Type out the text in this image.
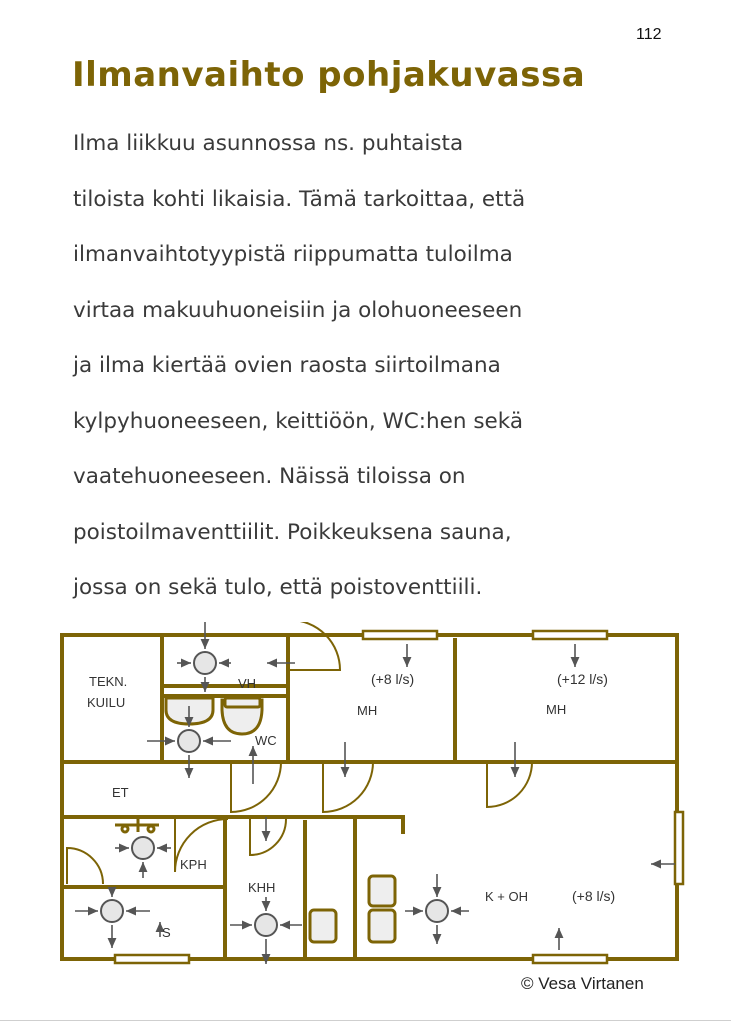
112
Ilmanvaihto pohjakuvassa
Ilma liikkuu asunnossa ns. puhtaista
tiloista kohti likaisia. Tämä tarkoittaa, että
ilmanvaihtotyypistä riippumatta tuloilma
virtaa makuuhuoneisiin ja olohuoneeseen
ja ilma kiertää ovien raosta siirtoilmana
kylpyhuoneeseen, keittiöön, WC:hen sekä
vaatehuoneeseen. Näissä tiloissa on
poistoilmaventtiilit. Poikkeuksena sauna,
jossa on sekä tulo, että poistoventtiili.
TEKN.
KUILU
VH
WC
(+8 l/s)
MH
(+12 l/s)
MH
ET
KPH
KHH
S
K + OH	(+8 l/s)
© Vesa Virtanen
